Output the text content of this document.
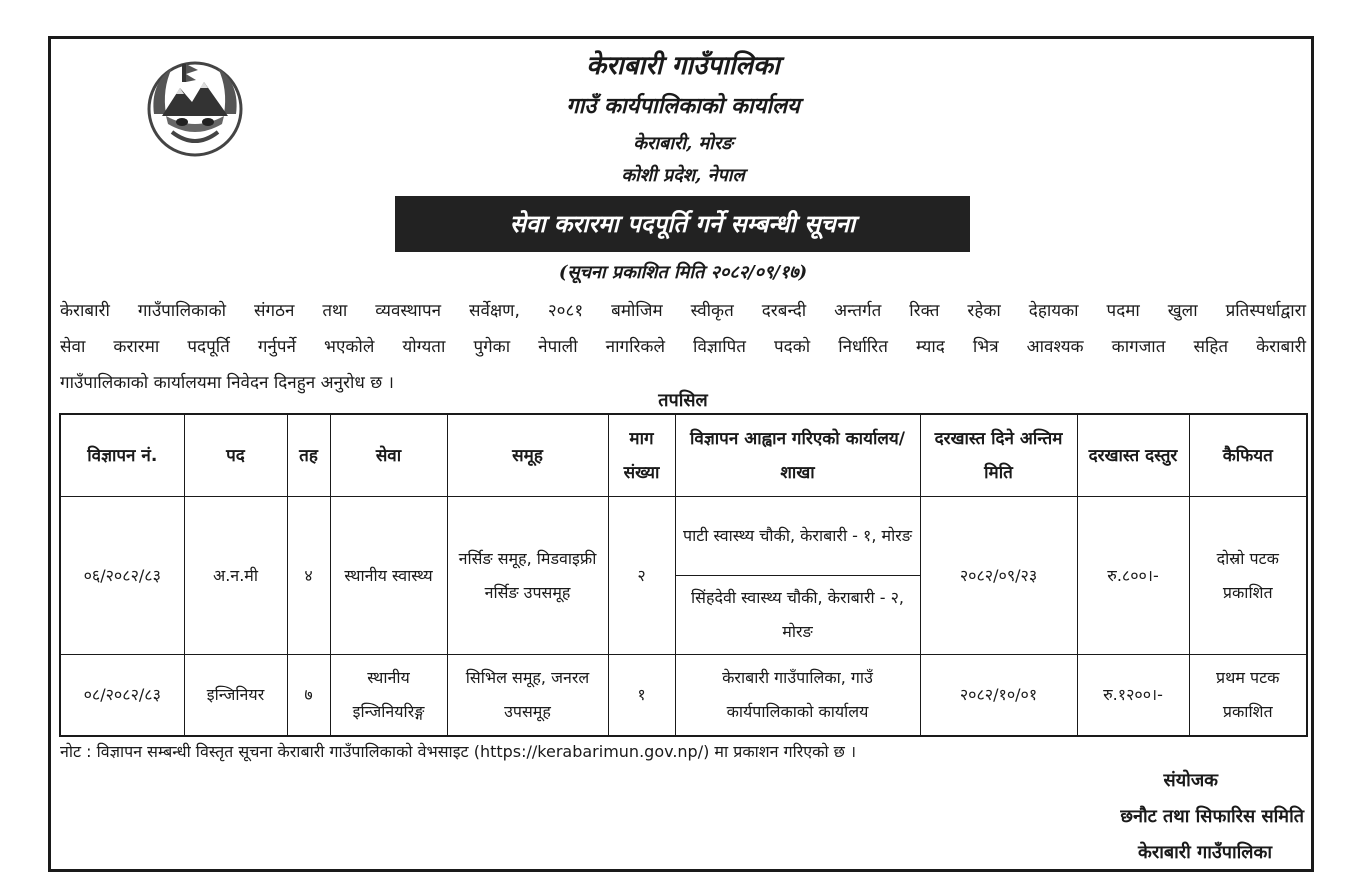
केराबारी गाउँपालिका
गाउँ कार्यपालिकाको कार्यालय
केराबारी, मोरङ
कोशी प्रदेश, नेपाल
सेवा करारमा पदपूर्ति गर्ने सम्बन्धी सूचना
(सूचना प्रकाशित मिति २०८२/०९/१७)
केराबारी गाउँपालिकाको संगठन तथा व्यवस्थापन सर्वेक्षण, २०८१ बमोजिम स्वीकृत दरबन्दी अन्तर्गत रिक्त रहेका देहायका पदमा खुला प्रतिस्पर्धाद्वारा
सेवा करारमा पदपूर्ति गर्नुपर्ने भएकोले योग्यता पुगेका नेपाली नागरिकले विज्ञापित पदको निर्धारित म्याद भित्र आवश्यक कागजात सहित केराबारी
गाउँपालिकाको कार्यालयमा निवेदन दिनहुन अनुरोध छ ।
तपसिल
विज्ञापन नं.	पद	तह	सेवा	समूह	माग संख्या	विज्ञापन आह्वान गरिएको कार्यालय/ शाखा	दरखास्त दिने अन्तिम मिति	दरखास्त दस्तुर	कैफियत
०६/२०८२/८३	अ.न.मी	४	स्थानीय स्वास्थ्य	नर्सिङ समूह, मिडवाइफ्री नर्सिङ उपसमूह	२	पाटी स्वास्थ्य चौकी, केराबारी - १, मोरङ	२०८२/०९/२३	रु.८००।-	दोस्रो पटक प्रकाशित
						सिंहदेवी स्वास्थ्य चौकी, केराबारी - २, मोरङ			
०८/२०८२/८३	इन्जिनियर	७	स्थानीय इन्जिनियरिङ्ग	सिभिल समूह, जनरल उपसमूह	१	केराबारी गाउँपालिका, गाउँ कार्यपालिकाको कार्यालय	२०८२/१०/०१	रु.१२००।-	प्रथम पटक प्रकाशित
नोट : विज्ञापन सम्बन्धी विस्तृत सूचना केराबारी गाउँपालिकाको वेभसाइट (https://kerabarimun.gov.np/) मा प्रकाशन गरिएको छ ।
संयोजक
छनौट तथा सिफारिस समिति
केराबारी गाउँपालिका
